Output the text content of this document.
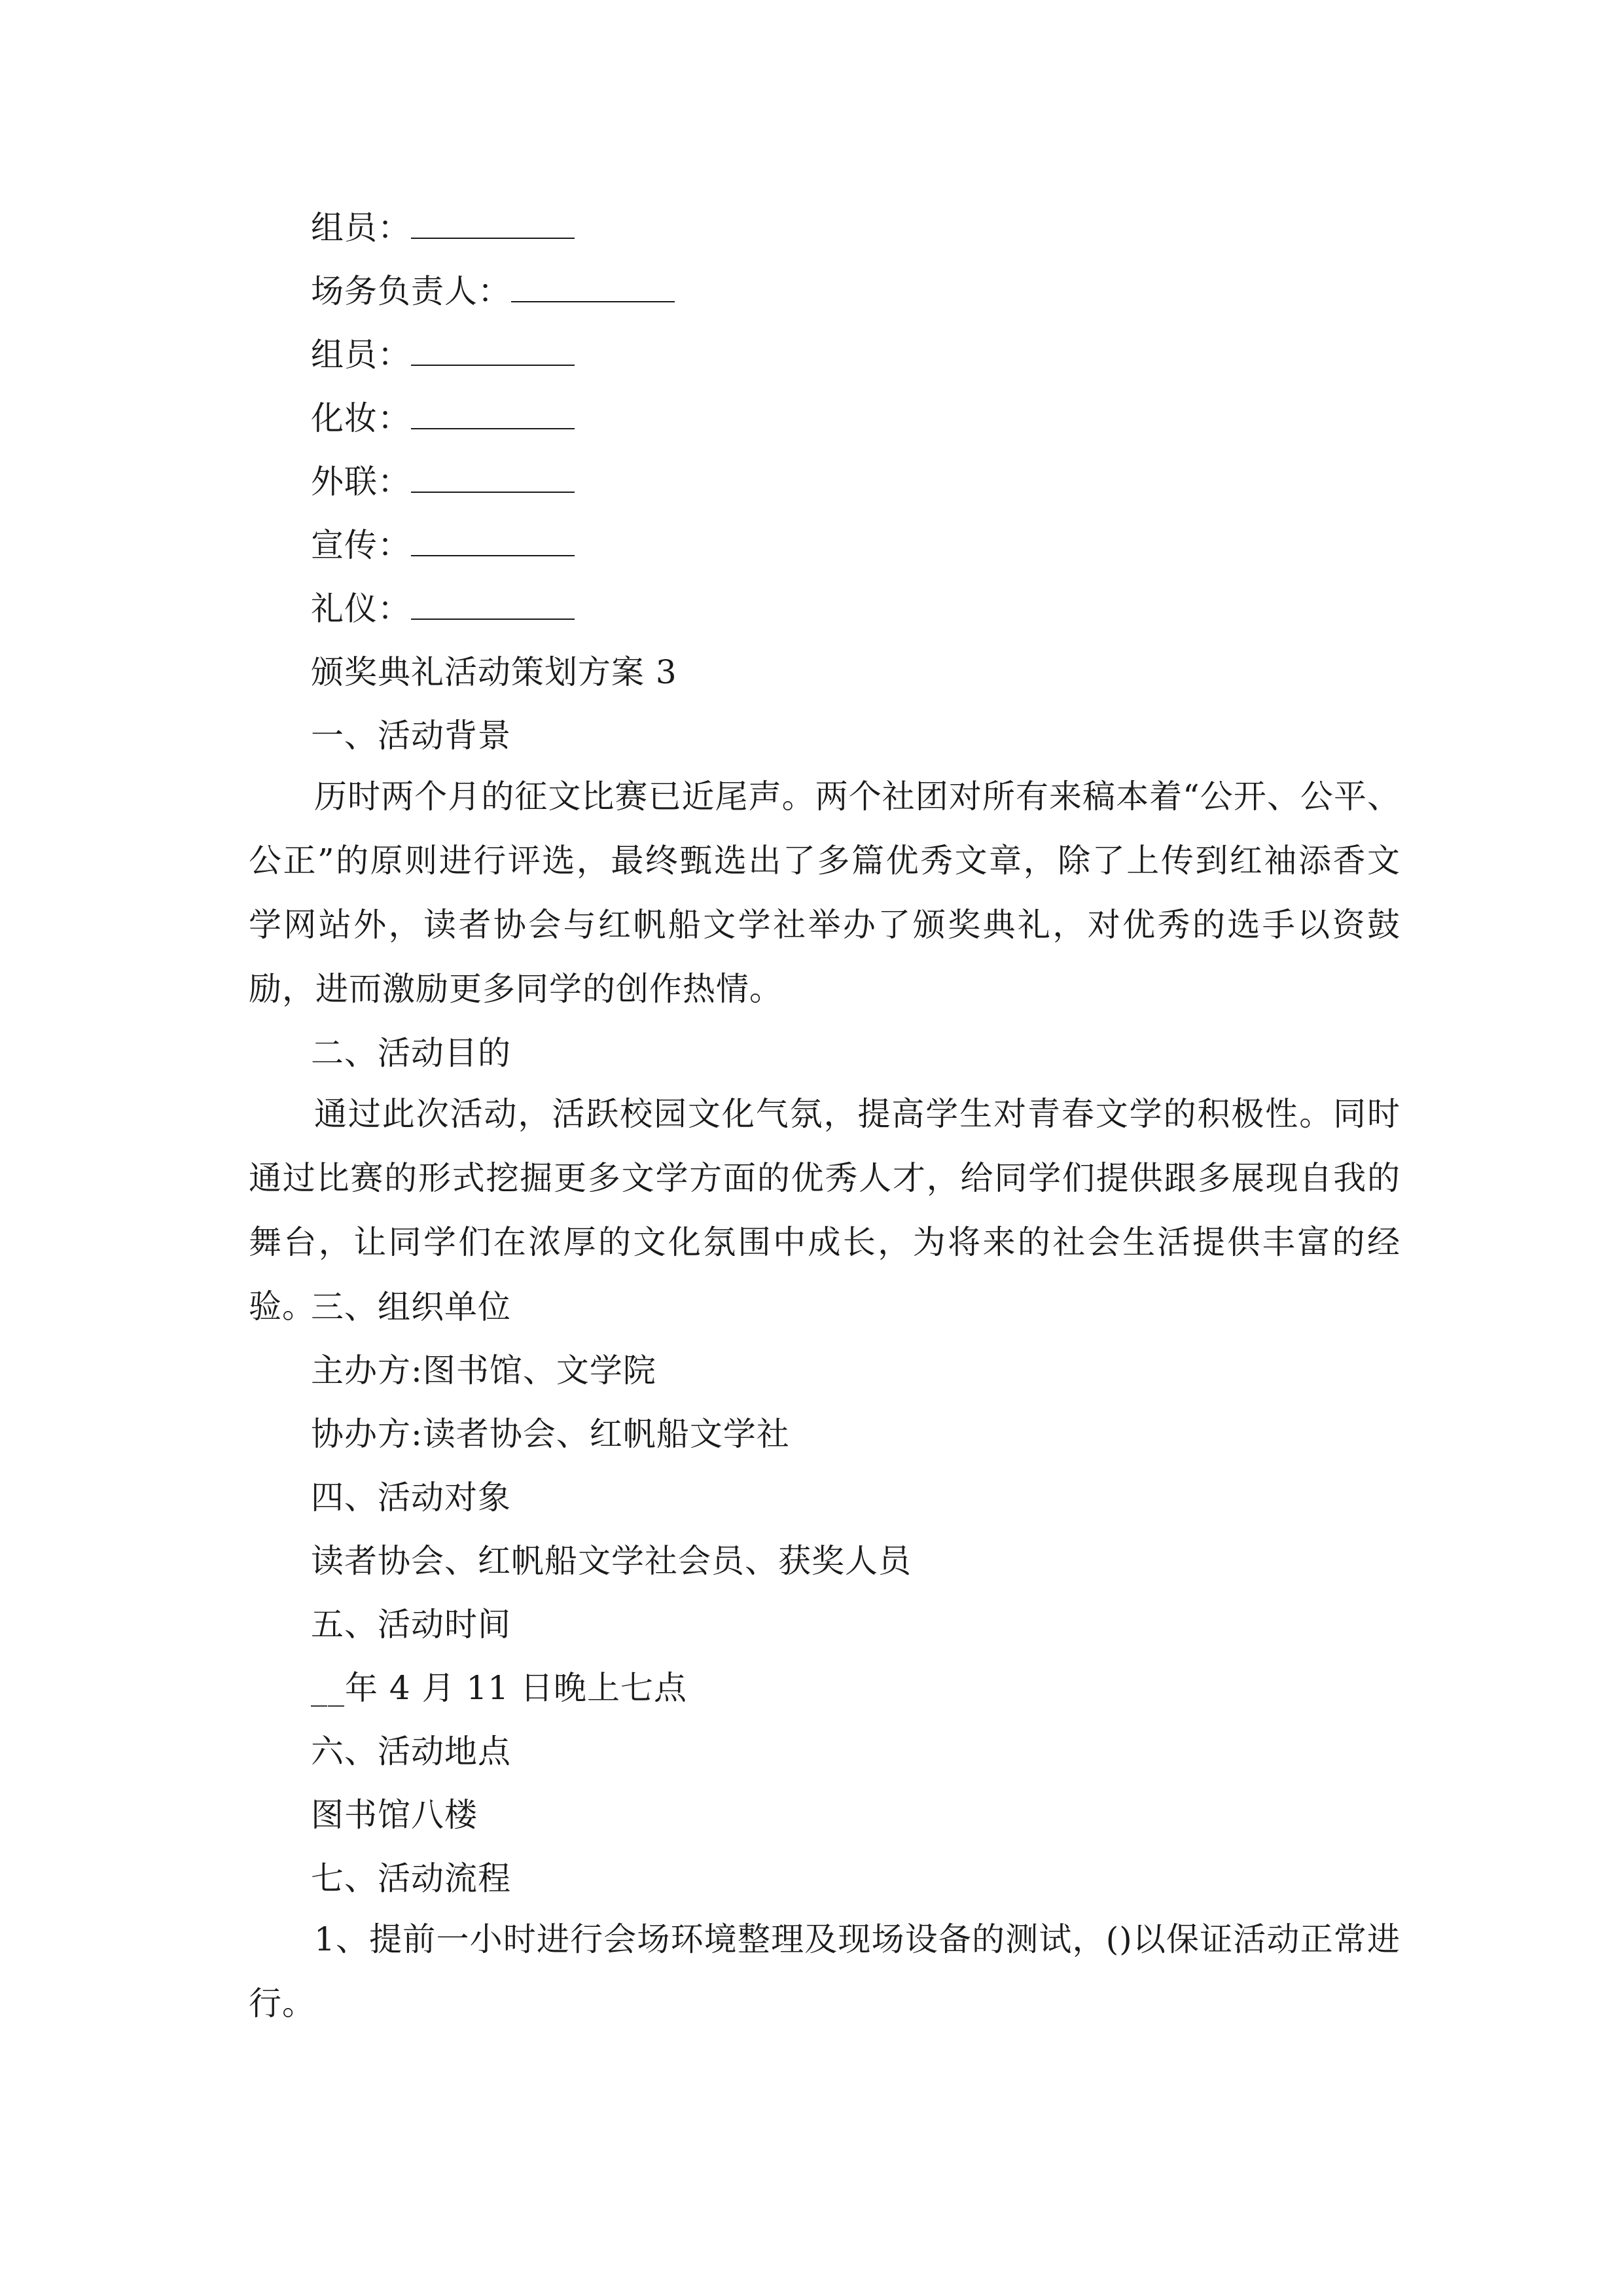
组员：
场务负责人：
组员：
化妆：
外联：
宣传：
礼仪：
颁奖典礼活动策划方案 3
一、活动背景
历时两个月的征文比赛已近尾声。两个社团对所有来稿本着“公开、公平、公正”的原则进行评选，最终甄选出了多篇优秀文章，除了上传到红袖添香文学网站外，读者协会与红帆船文学社举办了颁奖典礼，对优秀的选手以资鼓励，进而激励更多同学的创作热情。
二、活动目的
通过此次活动，活跃校园文化气氛，提高学生对青春文学的积极性。同时通过比赛的形式挖掘更多文学方面的优秀人才，给同学们提供跟多展现自我的舞台，让同学们在浓厚的文化氛围中成长，为将来的社会生活提供丰富的经验。
三、组织单位
主办方:图书馆、文学院
协办方:读者协会、红帆船文学社
四、活动对象
读者协会、红帆船文学社会员、获奖人员
五、活动时间
__年 4 月 11 日晚上七点
六、活动地点
图书馆八楼
七、活动流程
1、提前一小时进行会场环境整理及现场设备的测试，()以保证活动正常进行。
